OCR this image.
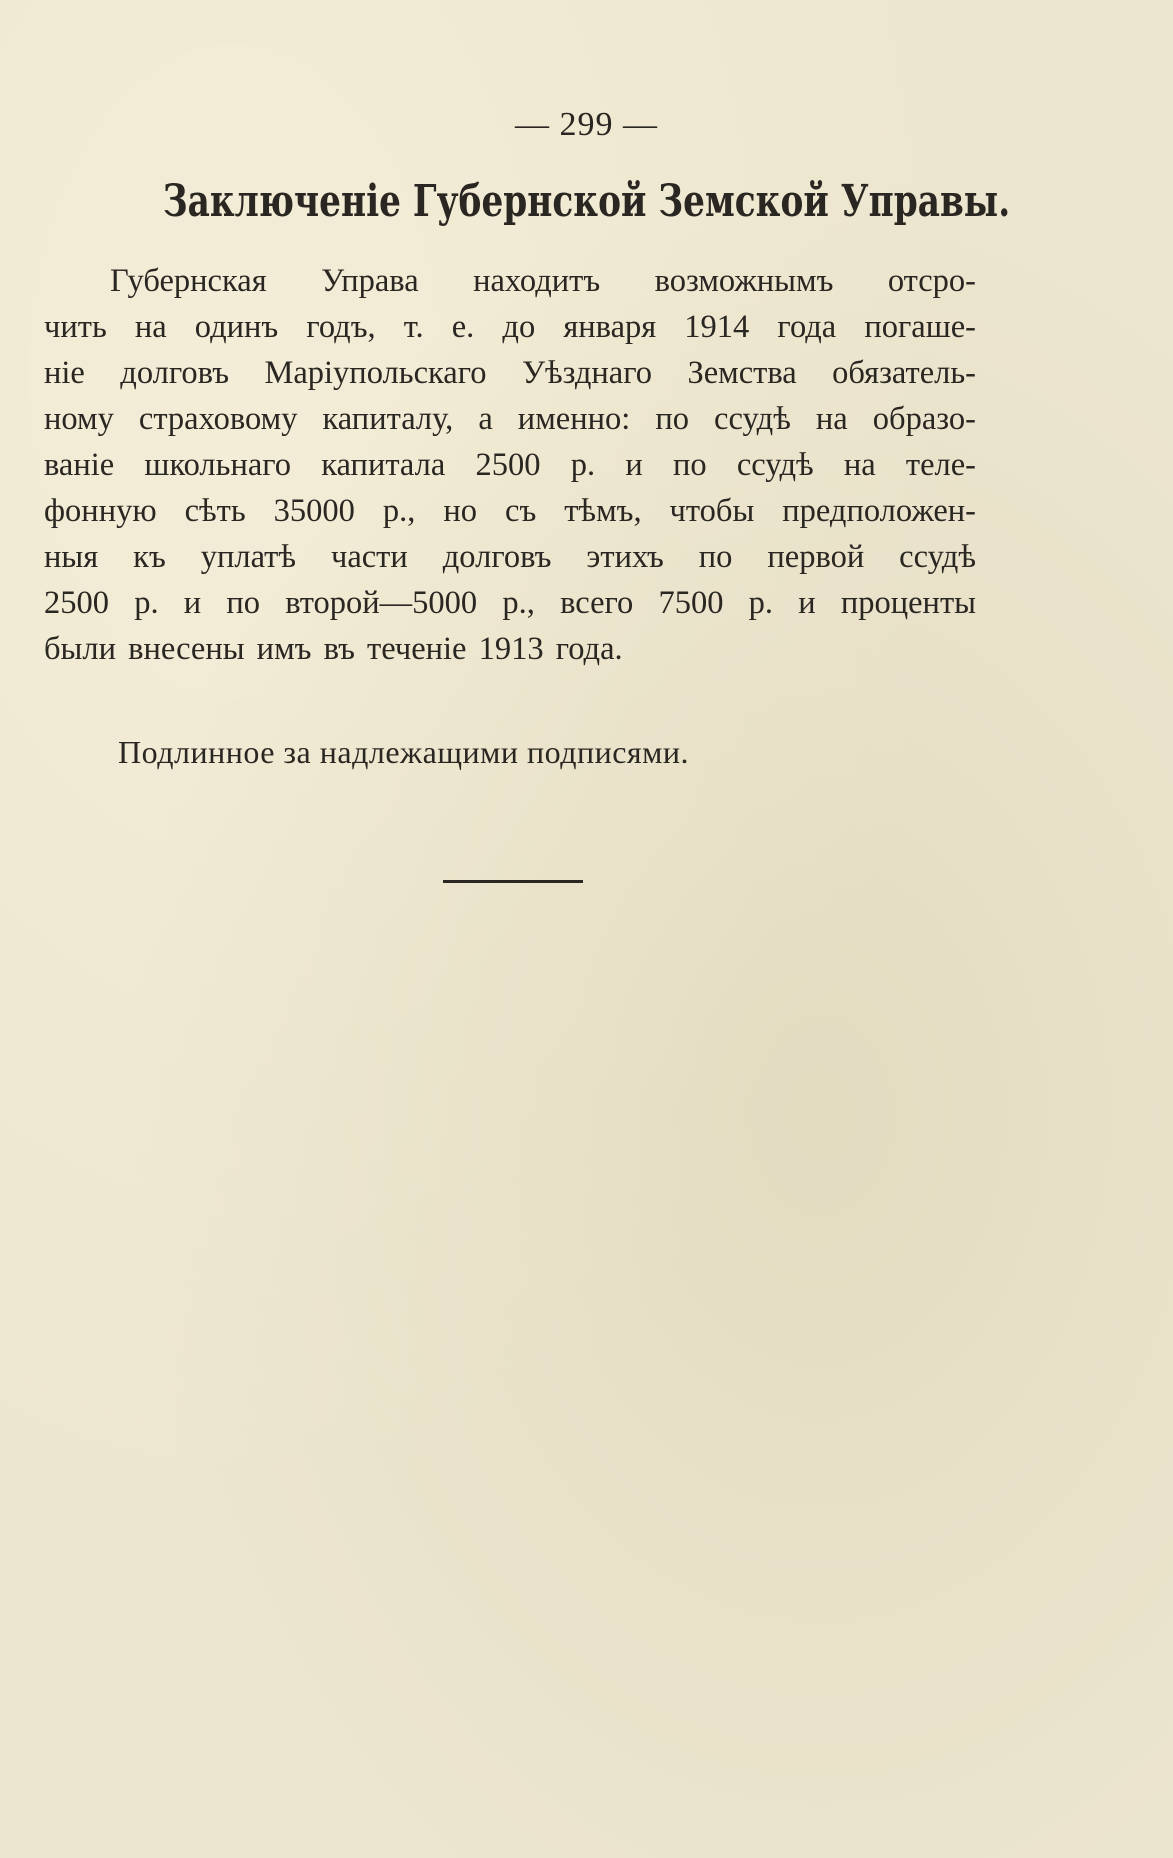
— 299 —
Заключеніе Губернской Земской Управы.
Губернская Управа находитъ возможнымъ отсро-
чить на одинъ годъ, т. е. до января 1914 года погаше-
ніе долговъ Маріупольскаго Уѣзднаго Земства обязатель-
ному страховому капиталу, а именно: по ссудѣ на образо-
ваніе школьнаго капитала 2500 р. и по ссудѣ на теле-
фонную сѣть 35000 р., но съ тѣмъ, чтобы предположен-
ныя къ уплатѣ части долговъ этихъ по первой ссудѣ
2500 р. и по второй—5000 р., всего 7500 р. и проценты
были внесены имъ въ теченіе 1913 года.
Подлинное за надлежащими подписями.
